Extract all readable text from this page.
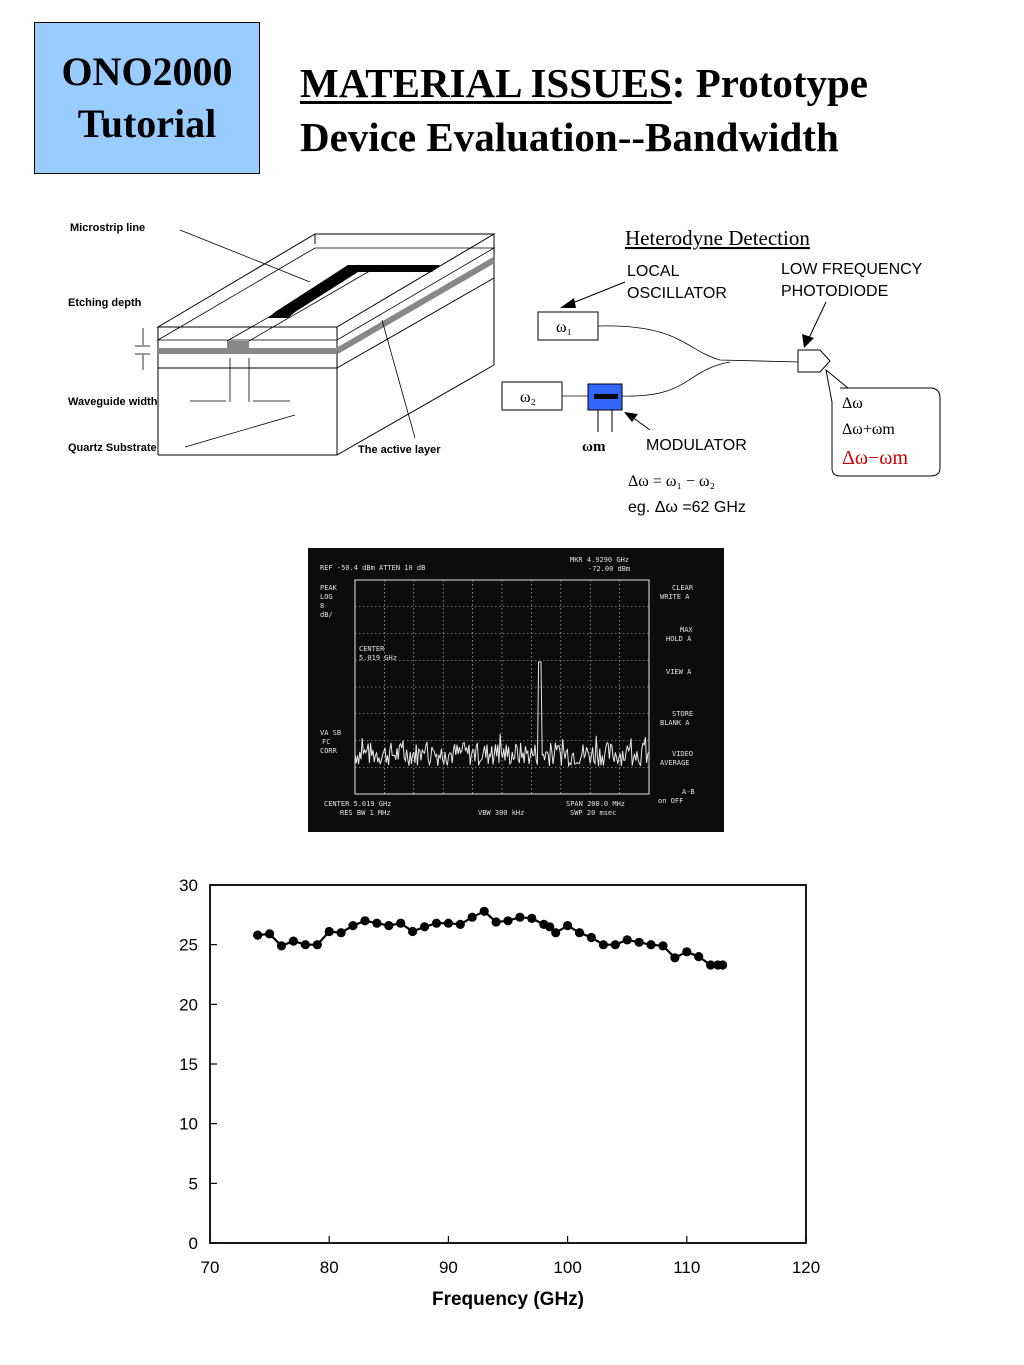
ONO2000
Tutorial
MATERIAL ISSUES: Prototype
Device Evaluation--Bandwidth
Microstrip line
Etching depth
Waveguide width
Quartz Substrate	The active layer
Heterodyne Detection
LOCAL
OSCILLATOR
LOW FREQUENCY
PHOTODIODE
ω₁
ω₂
ωm	MODULATOR
Δω
Δω+ωm
Δω−ωm
Δω = ω₁ − ω₂
eg. Δω =62 GHz
REF -50.4 dBm ATTEN 10 dB
PEAK
LOG
8
dB/
MKR 4.9290 GHz
-72.00 dBm
CENTER
5.019 GHz
VA SB
FC
CORR
CENTER 5.019 GHz
RES BW 1 MHz	VBW 300 kHz
SPAN 200.0 MHz
SWP 20 msec
CLEAR
WRITE A
MAX
HOLD A
VIEW A
STORE
BLANK A
VIDEO
AVERAGE
A-B
on OFF
0
5
10
15
20
25
30
70	80	90	100	110	120
Frequency (GHz)
